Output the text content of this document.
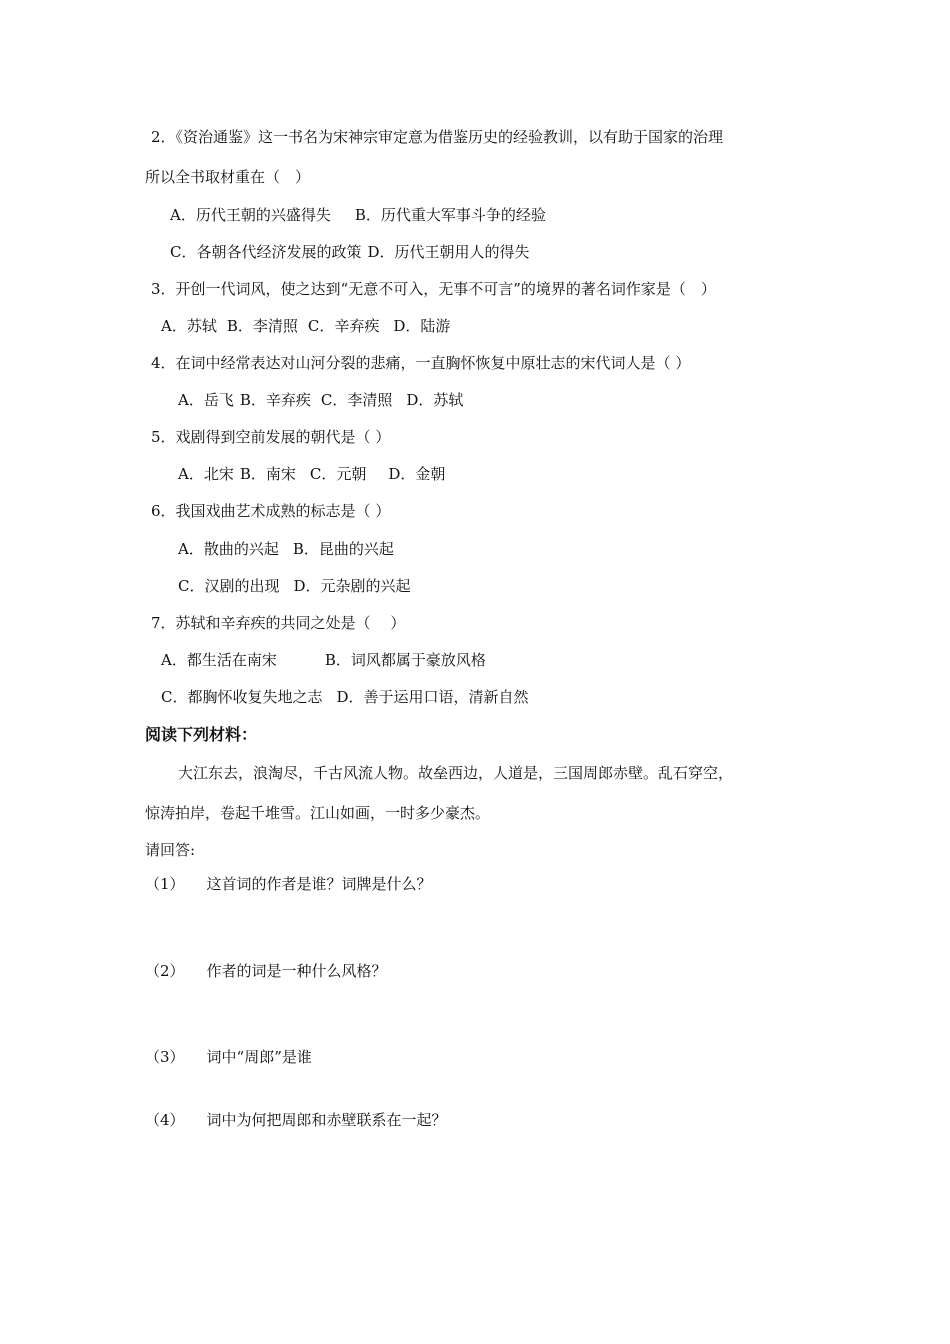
2．《资治通鉴》这一书名为宋神宗审定意为借鉴历史的经验教训，以有助于国家的治理
所以全书取材重在（　）
A．历代王朝的兴盛得失 B．历代重大军事斗争的经验
C．各朝各代经济发展的政策 D．历代王朝用人的得失
3．开创一代词风，使之达到“无意不可入，无事不可言”的境界的著名词作家是（　）
A．苏轼 B．李清照 C．辛弃疾 D．陆游
4．在词中经常表达对山河分裂的悲痛，一直胸怀恢复中原壮志的宋代词人是（ ）
A．岳飞 B．辛弃疾 C．李清照 D．苏轼
5．戏剧得到空前发展的朝代是（ ）
A．北宋 B．南宋 C．元朝 D．金朝
6．我国戏曲艺术成熟的标志是（ ）
A．散曲的兴起 B．昆曲的兴起
C．汉剧的出现 D．元杂剧的兴起
7．苏轼和辛弃疾的共同之处是（　 ）
A．都生活在南宋	B．词风都属于豪放风格
C．都胸怀收复失地之志 D．善于运用口语，清新自然
阅读下列材料：
大江东去，浪淘尽，千古风流人物。故垒西边，人道是，三国周郎赤壁。乱石穿空，
惊涛拍岸，卷起千堆雪。江山如画，一时多少豪杰。
请回答:
（1） 这首词的作者是谁？词牌是什么？
（2） 作者的词是一种什么风格？
（3） 词中“周郎”是谁
（4） 词中为何把周郎和赤壁联系在一起？
